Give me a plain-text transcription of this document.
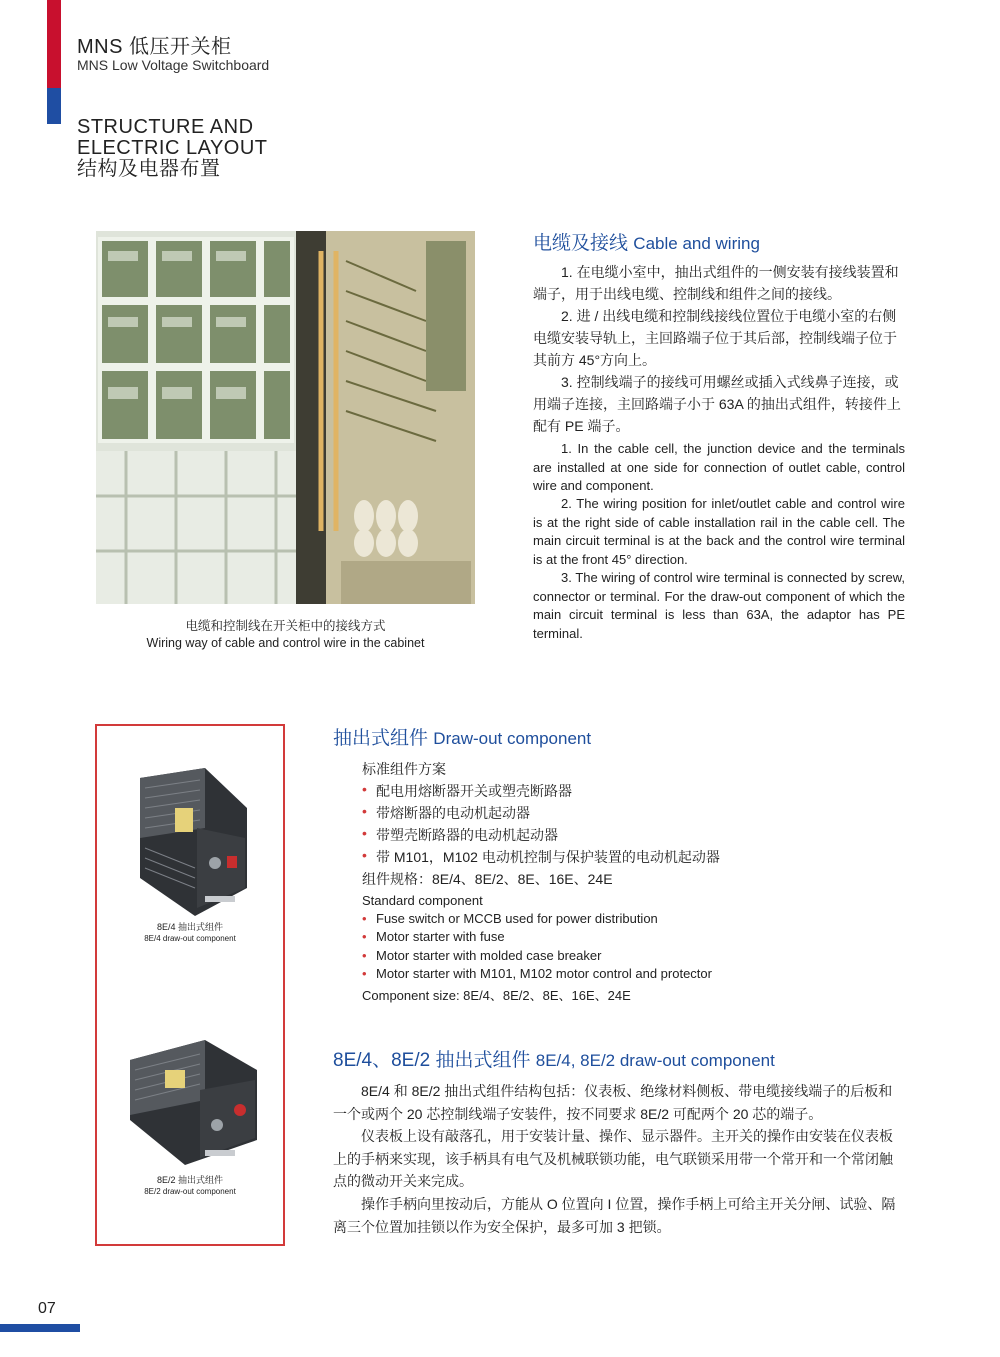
MNS 低压开关柜
MNS Low Voltage Switchboard
STRUCTURE AND
ELECTRIC LAYOUT
结构及电器布置
电缆和控制线在开关柜中的接线方式
Wiring way of cable and control wire in the cabinet
电缆及接线 Cable and wiring
1. 在电缆小室中，抽出式组件的一侧安装有接线装置和端子，用于出线电缆、控制线和组件之间的接线。
2. 进 / 出线电缆和控制线接线位置位于电缆小室的右侧电缆安装导轨上，主回路端子位于其后部，控制线端子位于其前方 45°方向上。
3. 控制线端子的接线可用螺丝或插入式线鼻子连接，或用端子连接，主回路端子小于 63A 的抽出式组件，转接件上配有 PE 端子。
1. In the cable cell, the junction device and the terminals are installed at one side for connection of outlet cable, control wire and component.
2. The wiring position for inlet/outlet cable and control wire is at the right side of cable installation rail in the cable cell. The main circuit terminal is at the back and the control wire terminal is at the front 45° direction.
3. The wiring of control wire terminal is connected by screw, connector or terminal. For the draw-out component of which the main circuit terminal is less than 63A, the adaptor has PE terminal.
8E/4 抽出式组件
8E/4 draw-out component
8E/2 抽出式组件
8E/2 draw-out component
抽出式组件 Draw-out component
标准组件方案
• 配电用熔断器开关或塑壳断路器
• 带熔断器的电动机起动器
• 带塑壳断路器的电动机起动器
• 带 M101，M102 电动机控制与保护装置的电动机起动器
组件规格：8E/4、8E/2、8E、16E、24E
Standard component
• Fuse switch or MCCB used for power distribution
• Motor starter with fuse
• Motor starter with molded case breaker
• Motor starter with M101, M102 motor control and protector
Component size: 8E/4、8E/2、8E、16E、24E
8E/4、8E/2 抽出式组件 8E/4, 8E/2 draw-out component
8E/4 和 8E/2 抽出式组件结构包括：仪表板、绝缘材料侧板、带电缆接线端子的后板和一个或两个 20 芯控制线端子安装件，按不同要求 8E/2 可配两个 20 芯的端子。
仪表板上设有敲落孔，用于安装计量、操作、显示器件。主开关的操作由安装在仪表板上的手柄来实现，该手柄具有电气及机械联锁功能，电气联锁采用带一个常开和一个常闭触点的微动开关来完成。
操作手柄向里按动后，方能从 O 位置向 I 位置，操作手柄上可给主开关分闸、试验、隔离三个位置加挂锁以作为安全保护，最多可加 3 把锁。
07
